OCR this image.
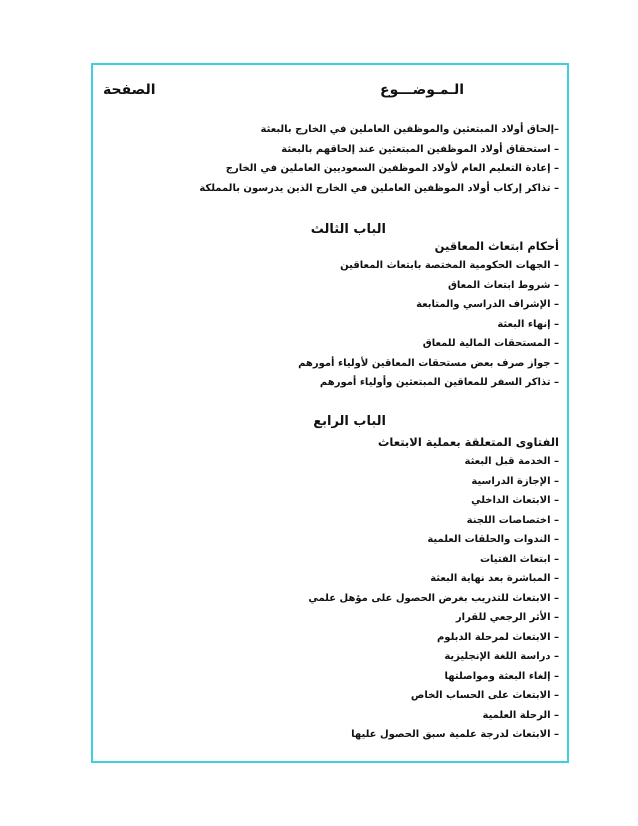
الـمـوضـــوع
الصفحة
–إلحاق أولاد المبتعثين والموظفين العاملين في الخارج بالبعثة
– استحقاق أولاد الموظفين المبتعثين عند إلحاقهم بالبعثة
– إعادة التعليم العام لأولاد الموظفين السعوديين العاملين في الخارج
– تذاكر إركاب أولاد الموظفين العاملين في الخارج الذين يدرسون بالمملكة
الباب الثالث
أحكام ابتعاث المعاقين
– الجهات الحكومية المختصة بابتعاث المعاقين
– شروط ابتعاث المعاق
– الإشراف الدراسي والمتابعة
– إنهاء البعثة
– المستحقات المالية للمعاق
– جواز صرف بعض مستحقات المعاقين لأولياء أمورهم
– تذاكر السفر للمعاقين المبتعثين وأولياء أمورهم
الباب الرابع
الفتاوى المتعلقة بعملية الابتعاث
– الخدمة قبل البعثة
– الإجازة الدراسية
– الابتعاث الداخلي
– اختصاصات اللجنة
– الندوات والحلقات العلمية
– ابتعاث الفتيات
– المباشرة بعد نهاية البعثة
– الابتعاث للتدريب بغرض الحصول على مؤهل علمي
– الأثر الرجعي للقرار
– الابتعاث لمرحلة الدبلوم
– دراسة اللغة الإنجليزية
– إلغاء البعثة ومواصلتها
– الابتعاث على الحساب الخاص
– الرحلة العلمية
– الابتعاث لدرجة علمية سبق الحصول عليها
